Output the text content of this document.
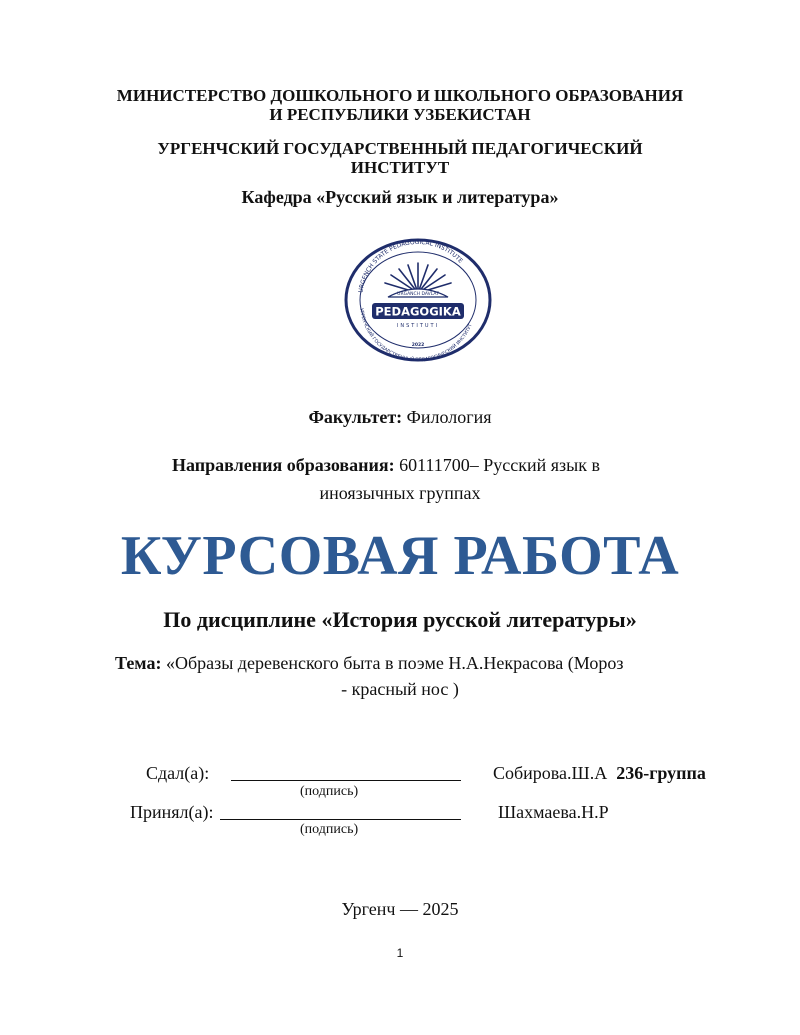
МИНИСТЕРСТВО ДОШКОЛЬНОГО И ШКОЛЬНОГО ОБРАЗОВАНИЯ
И РЕСПУБЛИКИ УЗБЕКИСТАН
УРГЕНЧСКИЙ ГОСУДАРСТВЕННЫЙ ПЕДАГОГИЧЕСКИЙ
ИНСТИТУТ
Кафедра «Русский язык и литература»
URGENCH STATE PEDAGOGICAL INSTITUTE
УРГЕНЧСКИЙ ГОСУДАРСТВЕННЫЙ ПЕДАГОГИЧЕСКИЙ ИНСТИТУТ
URGANCH DAVLAT
PEDAGOGIKA
INSTITUTI
2022
Факультет: Филология
Направления образования: 60111700– Русский язык в
иноязычных группах
КУРСОВАЯ РАБОТА
По дисциплине «История русской литературы»
Тема: «Образы деревенского быта в поэме Н.А.Некрасова (Мороз
- красный нос )
Сдал(а):	Собирова.Ш.А 236-группа
(подпись)
Принял(а):	Шахмаева.Н.Р
(подпись)
Ургенч — 2025
1
